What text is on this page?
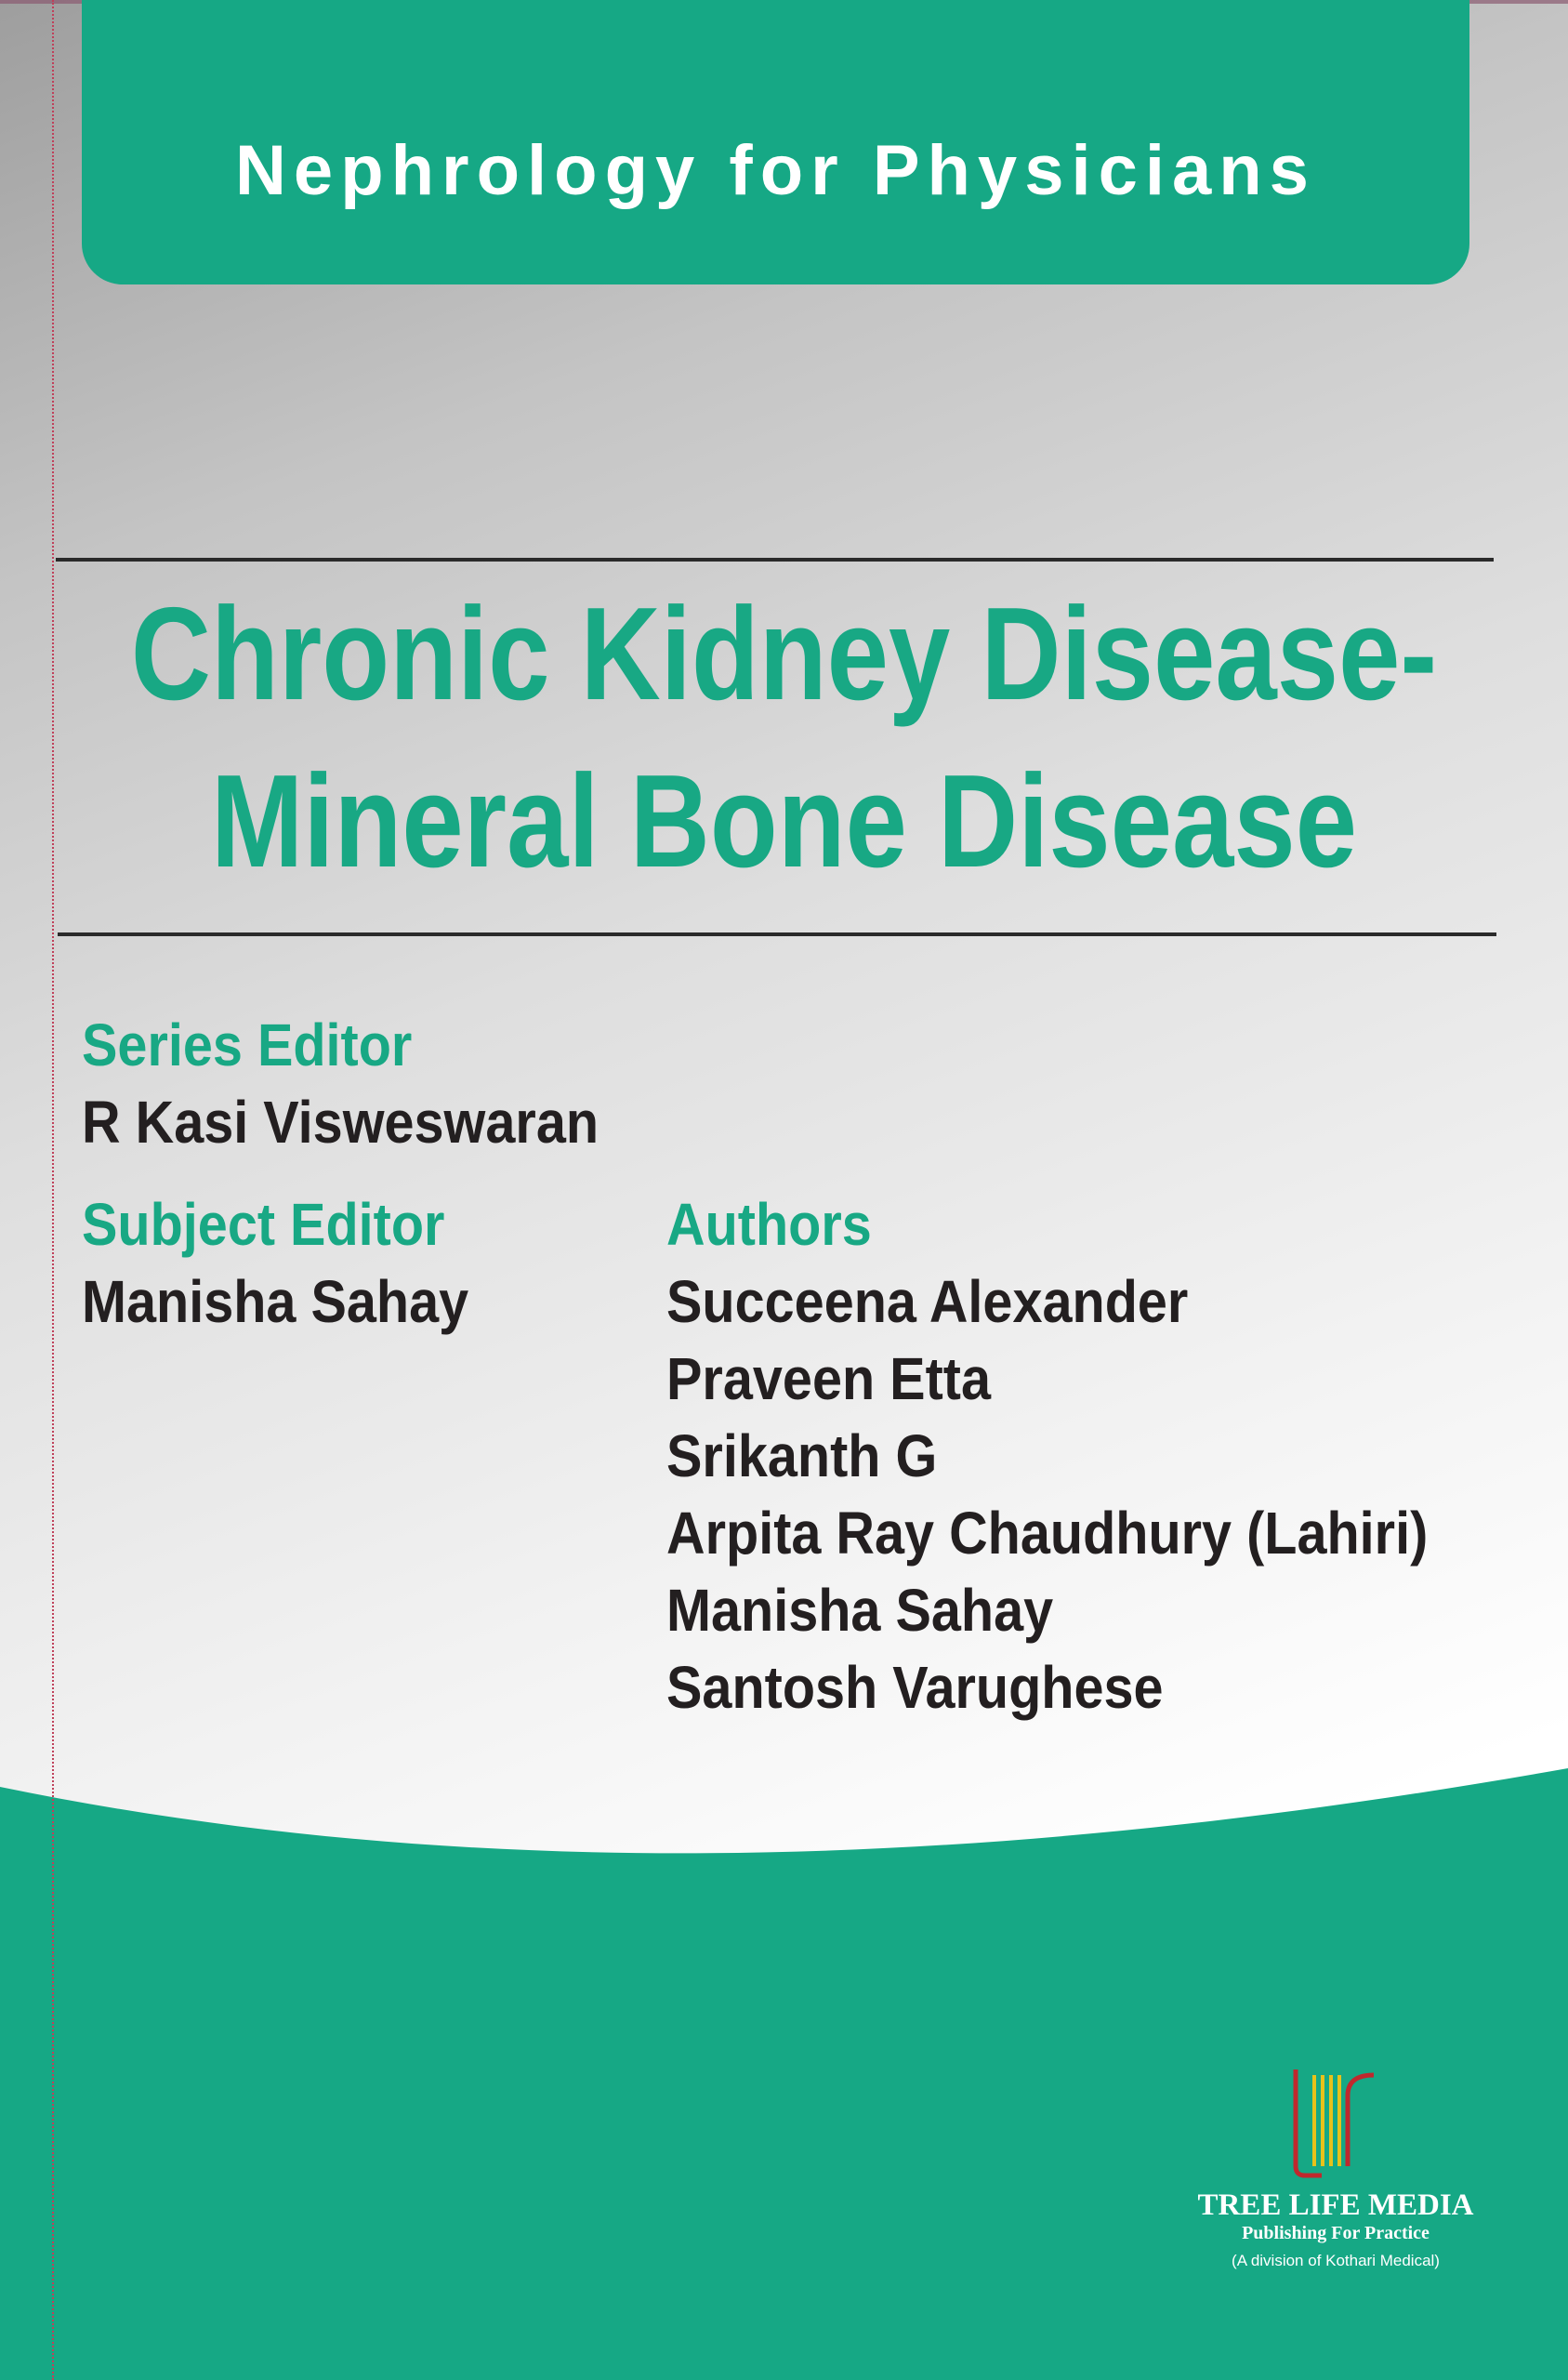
Nephrology for Physicians
Chronic Kidney Disease-
Mineral Bone Disease
Series Editor
R Kasi Visweswaran
Subject Editor
Manisha Sahay
Authors
Succeena Alexander
Praveen Etta
Srikanth G
Arpita Ray Chaudhury (Lahiri)
Manisha Sahay
Santosh Varughese
TREE LIFE MEDIA
Publishing For Practice
(A division of Kothari Medical)
